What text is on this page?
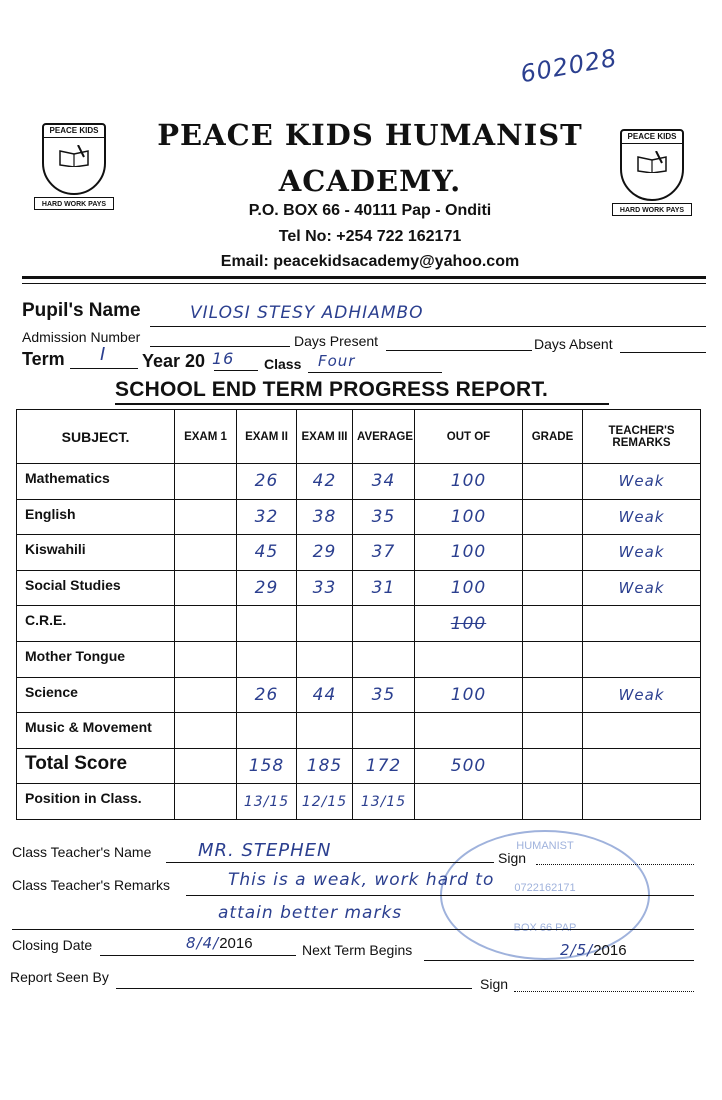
602028
PEACE KIDS
HARD WORK PAYS
PEACE KIDS
HARD WORK PAYS
PEACE KIDS HUMANIST
ACADEMY.
P.O. BOX 66 - 40111 Pap - Onditi
Tel No: +254 722 162171
Email: peacekidsacademy@yahoo.com
Pupil's Name	VILOSI STESY ADHIAMBO
Admission Number	Days Present	Days Absent
Term I Year 20 16 Class Four
SCHOOL END TERM PROGRESS REPORT.
SUBJECT.	EXAM 1	EXAM II	EXAM III	AVERAGE	OUT OF	GRADE	TEACHER'S REMARKS
Mathematics		26	42	34	100		Weak
English		32	38	35	100		Weak
Kiswahili		45	29	37	100		Weak
Social Studies		29	33	31	100		Weak
C.R.E.					100		
Mother Tongue							
Science		26	44	35	100		Weak
Music & Movement							
Total Score		158	185	172	500		
Position in Class.		13/15	12/15	13/15			
HUMANIST
0722162171
BOX 66 PAP
Class Teacher's Name	MR. STEPHEN	Sign
Class Teacher's Remarks	This is a weak, work hard to
attain better marks
Closing Date	8/4/2016	Next Term Begins	2/5/2016
Report Seen By	Sign
